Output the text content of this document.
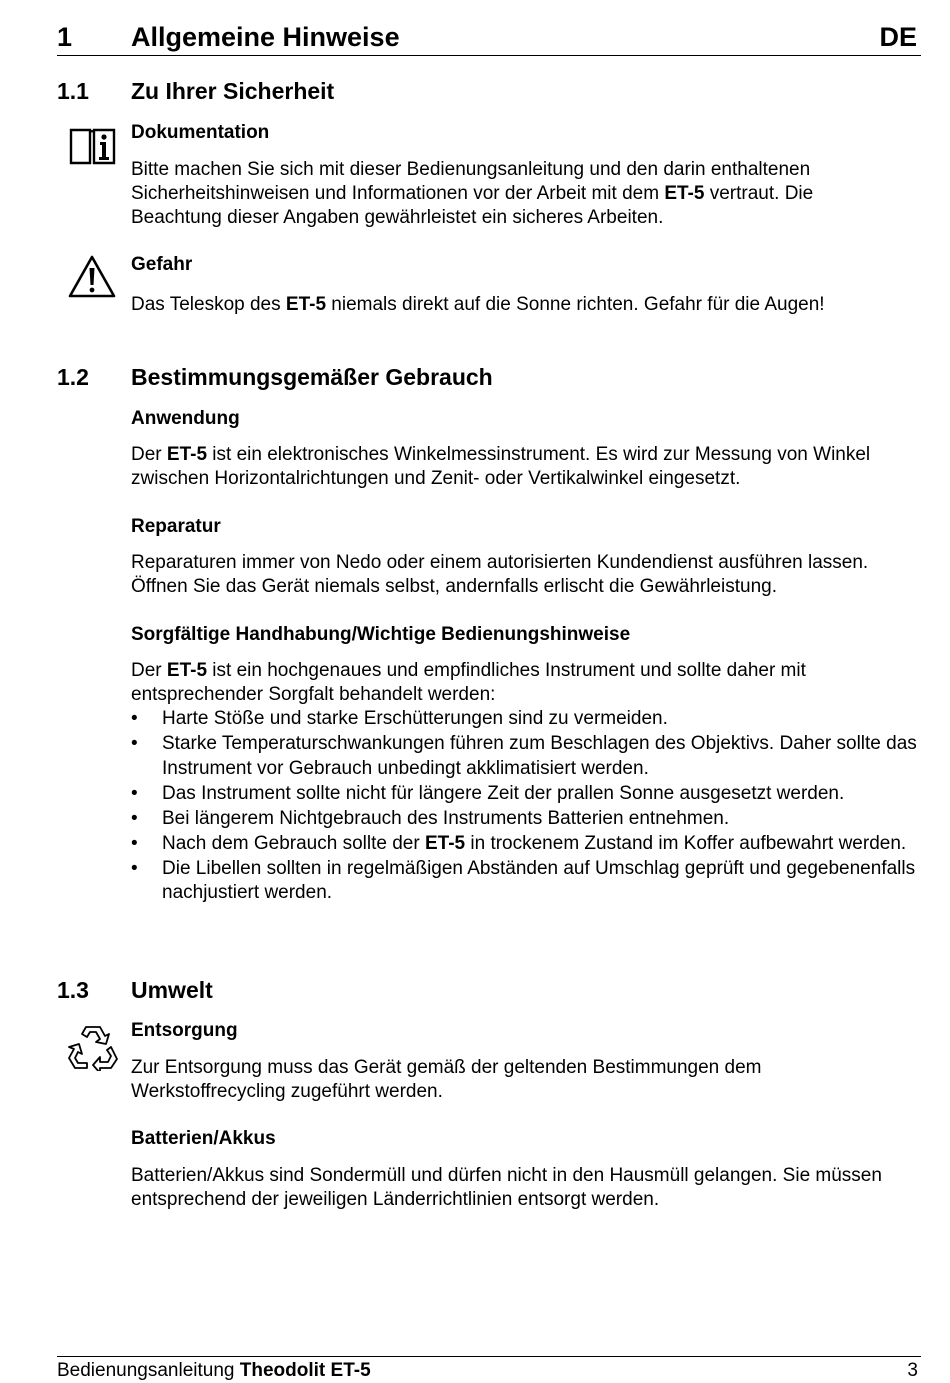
1 Allgemeine Hinweise	DE
1.1 Zu Ihrer Sicherheit
Dokumentation
Bitte machen Sie sich mit dieser Bedienungsanleitung und den darin enthaltenen Sicherheitshinweisen und Informationen vor der Arbeit mit dem ET-5 vertraut. Die Beachtung dieser Angaben gewährleistet ein sicheres Arbeiten.
Gefahr
Das Teleskop des ET-5 niemals direkt auf die Sonne richten. Gefahr für die Augen!
1.2 Bestimmungsgemäßer Gebrauch
Anwendung
Der ET-5 ist ein elektronisches Winkelmessinstrument. Es wird zur Messung von Winkel zwischen Horizontalrichtungen und Zenit- oder Vertikalwinkel eingesetzt.
Reparatur
Reparaturen immer von Nedo oder einem autorisierten Kundendienst ausführen lassen. Öffnen Sie das Gerät niemals selbst, andernfalls erlischt die Gewährleistung.
Sorgfältige Handhabung/Wichtige Bedienungshinweise
Der ET-5 ist ein hochgenaues und empfindliches Instrument und sollte daher mit entsprechender Sorgfalt behandelt werden:
• Harte Stöße und starke Erschütterungen sind zu vermeiden.
• Starke Temperaturschwankungen führen zum Beschlagen des Objektivs. Daher sollte das Instrument vor Gebrauch unbedingt akklimatisiert werden.
• Das Instrument sollte nicht für längere Zeit der prallen Sonne ausgesetzt werden.
• Bei längerem Nichtgebrauch des Instruments Batterien entnehmen.
• Nach dem Gebrauch sollte der ET-5 in trockenem Zustand im Koffer aufbewahrt werden.
• Die Libellen sollten in regelmäßigen Abständen auf Umschlag geprüft und gegebenenfalls nachjustiert werden.
1.3 Umwelt
Entsorgung
Zur Entsorgung muss das Gerät gemäß der geltenden Bestimmungen dem Werkstoffrecycling zugeführt werden.
Batterien/Akkus
Batterien/Akkus sind Sondermüll und dürfen nicht in den Hausmüll gelangen. Sie müssen entsprechend der jeweiligen Länderrichtlinien entsorgt werden.
Bedienungsanleitung Theodolit ET-5	3
